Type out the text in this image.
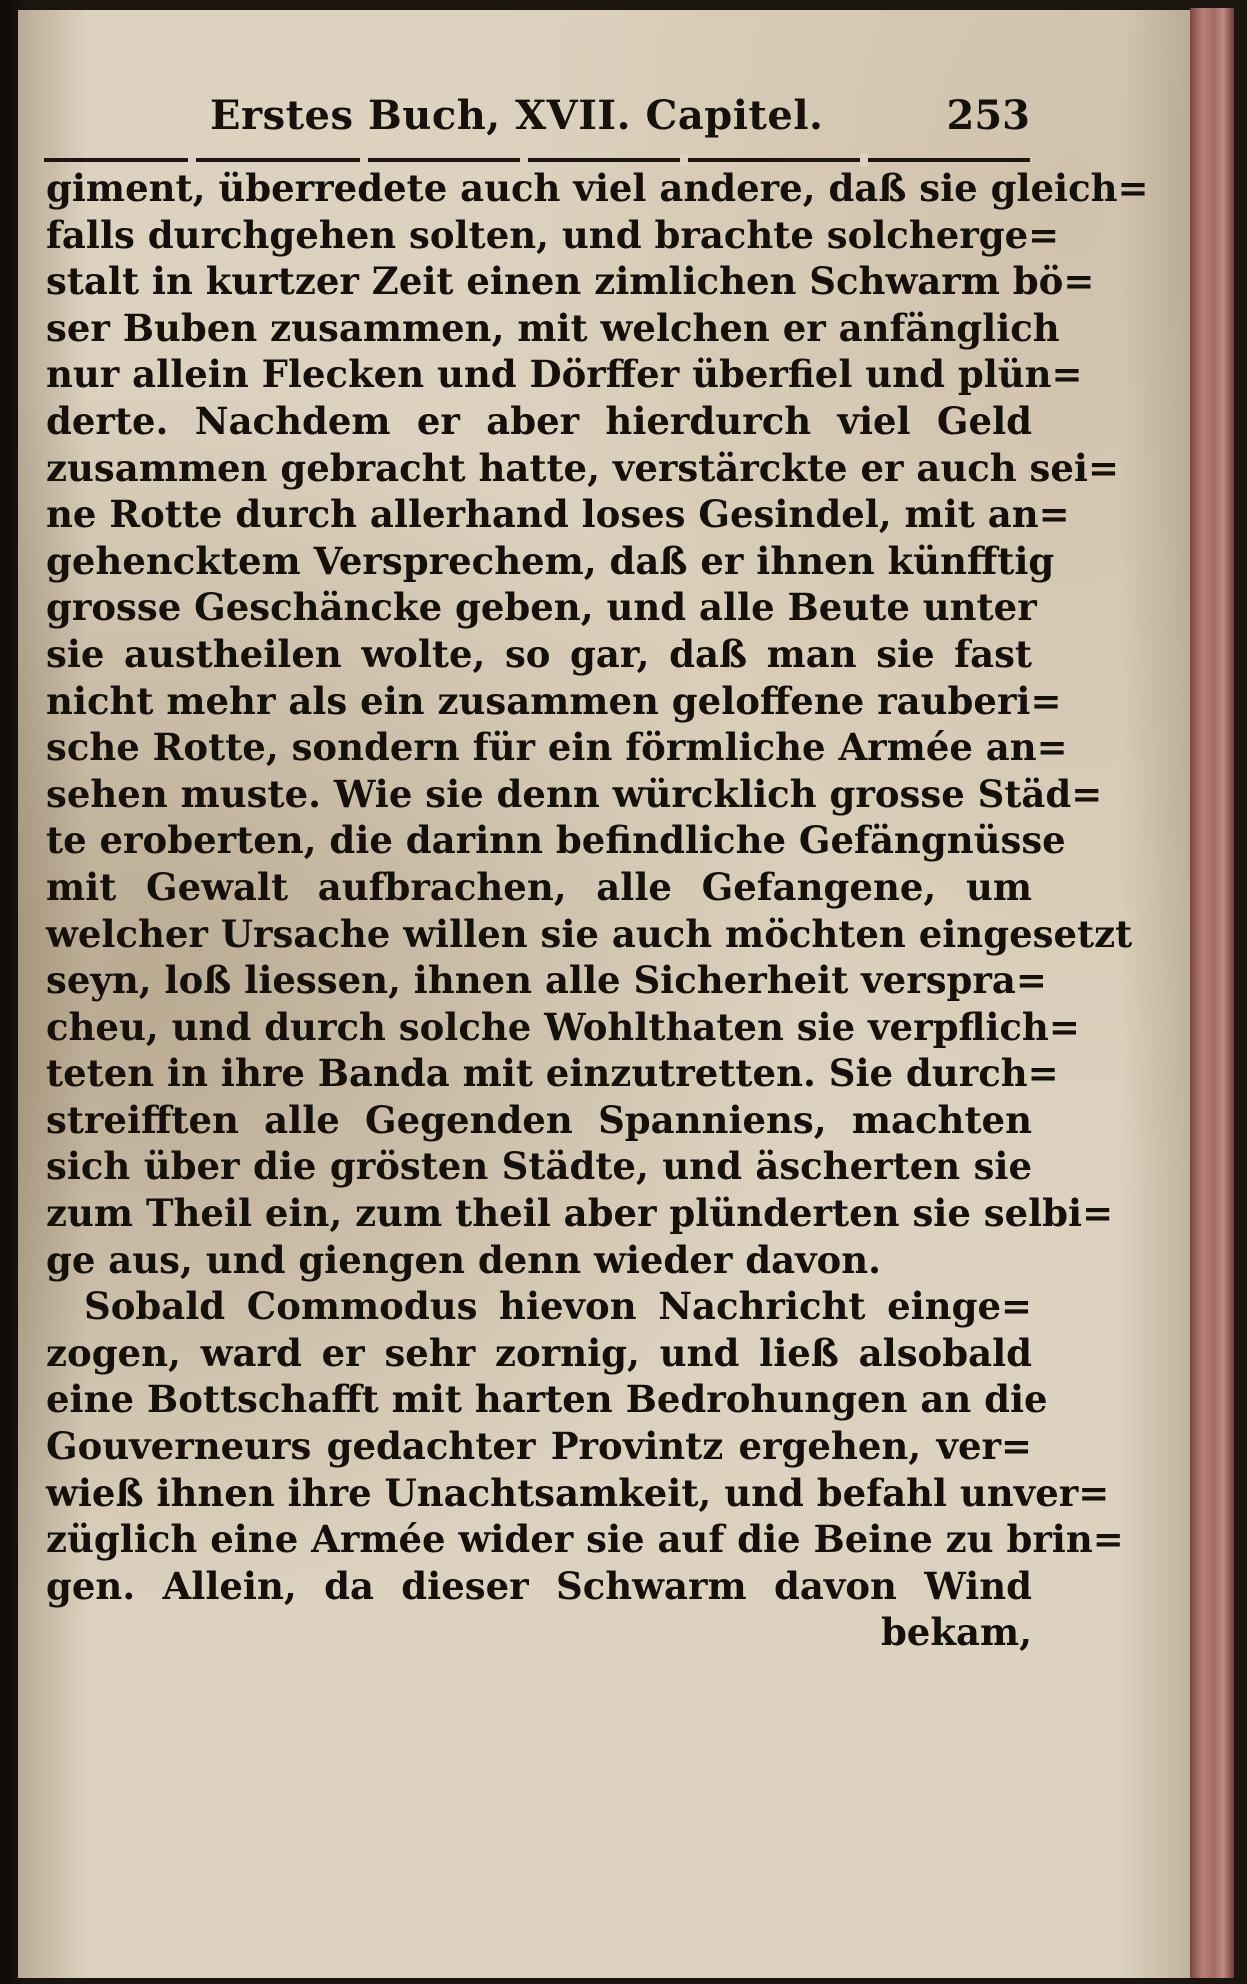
Erstes Buch, XVII. Capitel.	253
giment, überredete auch viel andere, daß sie gleich=
falls durchgehen solten, und brachte solcherge=
stalt in kurtzer Zeit einen zimlichen Schwarm bö=
ser Buben zusammen, mit welchen er anfänglich
nur allein Flecken und Dörffer überfiel und plün=
derte. Nachdem er aber hierdurch viel Geld
zusammen gebracht hatte, verstärckte er auch sei=
ne Rotte durch allerhand loses Gesindel, mit an=
gehencktem Versprechem, daß er ihnen künfftig
grosse Geschäncke geben, und alle Beute unter
sie austheilen wolte, so gar, daß man sie fast
nicht mehr als ein zusammen geloffene rauberi=
sche Rotte, sondern für ein förmliche Armée an=
sehen muste. Wie sie denn würcklich grosse Städ=
te eroberten, die darinn befindliche Gefängnüsse
mit Gewalt aufbrachen, alle Gefangene, um
welcher Ursache willen sie auch möchten eingesetzt
seyn, loß liessen, ihnen alle Sicherheit verspra=
cheu, und durch solche Wohlthaten sie verpflich=
teten in ihre Banda mit einzutretten. Sie durch=
streifften alle Gegenden Spanniens, machten
sich über die grösten Städte, und äscherten sie
zum Theil ein, zum theil aber plünderten sie selbi=
ge aus, und giengen denn wieder davon.
Sobald Commodus hievon Nachricht einge=
zogen, ward er sehr zornig, und ließ alsobald
eine Bottschafft mit harten Bedrohungen an die
Gouverneurs gedachter Provintz ergehen, ver=
wieß ihnen ihre Unachtsamkeit, und befahl unver=
züglich eine Armée wider sie auf die Beine zu brin=
gen. Allein, da dieser Schwarm davon Wind
bekam,
